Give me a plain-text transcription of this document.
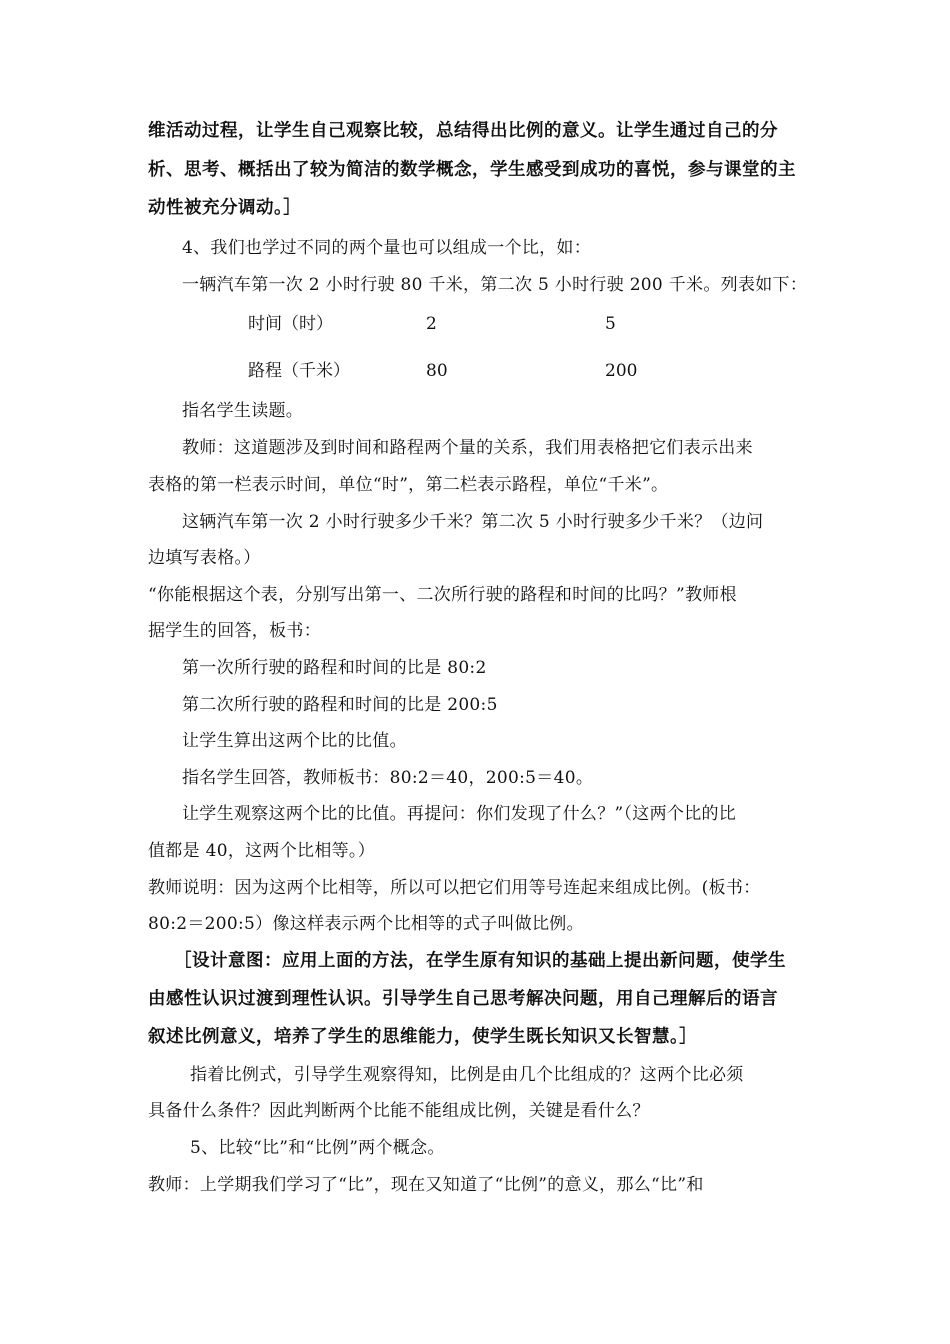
维活动过程，让学生自己观察比较，总结得出比例的意义。让学生通过自己的分
析、思考、概括出了较为简洁的数学概念，学生感受到成功的喜悦，参与课堂的主
动性被充分调动。］
4、我们也学过不同的两个量也可以组成一个比，如：
一辆汽车第一次 2 小时行驶 80 千米，第二次 5 小时行驶 200 千米。列表如下：
时间（时）	2	5
路程（千米）	80	200
指名学生读题。
教师：这道题涉及到时间和路程两个量的关系，我们用表格把它们表示出来
表格的第一栏表示时间，单位“时”，第二栏表示路程，单位“千米”。
这辆汽车第一次 2 小时行驶多少千米？第二次 5 小时行驶多少千米？（边问
边填写表格。）
“你能根据这个表，分别写出第一、二次所行驶的路程和时间的比吗？”教师根
据学生的回答，板书：
第一次所行驶的路程和时间的比是 80:2
第二次所行驶的路程和时间的比是 200:5
让学生算出这两个比的比值。
指名学生回答，教师板书：80:2＝40，200:5＝40。
让学生观察这两个比的比值。再提问：你们发现了什么？”（这两个比的比
值都是 40，这两个比相等。）
教师说明：因为这两个比相等，所以可以把它们用等号连起来组成比例。(板书：
80:2＝200:5）像这样表示两个比相等的式子叫做比例。
［设计意图：应用上面的方法，在学生原有知识的基础上提出新问题，使学生
由感性认识过渡到理性认识。引导学生自己思考解决问题，用自己理解后的语言
叙述比例意义，培养了学生的思维能力，使学生既长知识又长智慧。］
指着比例式，引导学生观察得知，比例是由几个比组成的？这两个比必须
具备什么条件？因此判断两个比能不能组成比例，关键是看什么？
5、比较“比”和“比例”两个概念。
教师：上学期我们学习了“比”，现在又知道了“比例”的意义，那么“比”和
